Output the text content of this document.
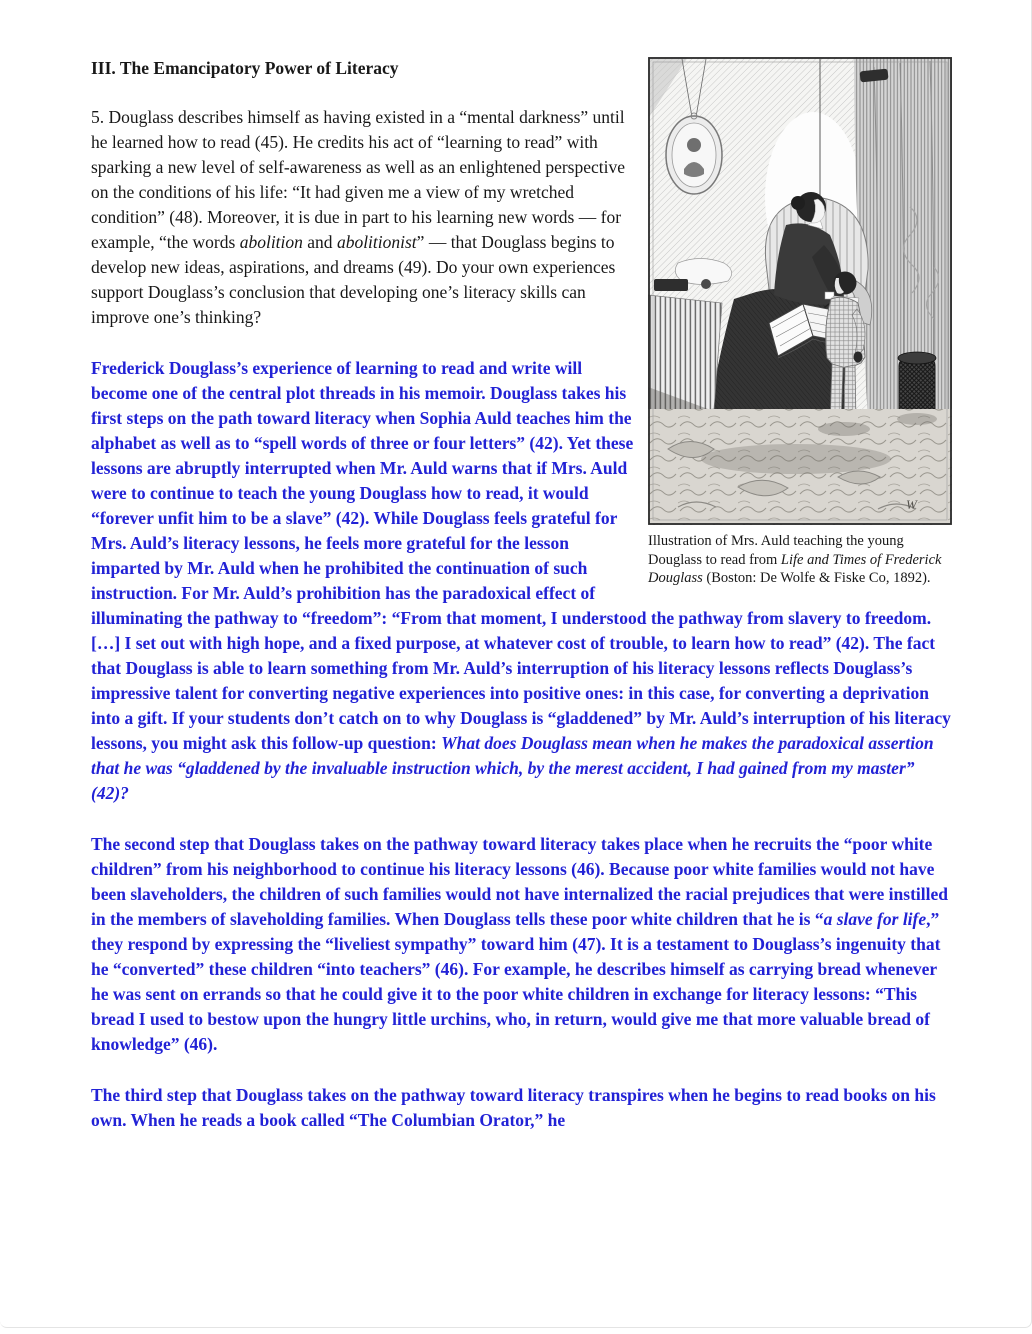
W
Illustration of Mrs. Auld teaching the young Douglass to read from Life and Times of Frederick Douglass (Boston: De Wolfe & Fiske Co, 1892).
III. The Emancipatory Power of Literacy

5. Douglass describes himself as having existed in a “mental darkness” until he learned how to read (45). He credits his act of “learning to read” with sparking a new level of self-awareness as well as an enlightened perspective on the conditions of his life: “It had given me a view of my wretched condition” (48). Moreover, it is due in part to his learning new words — for example, “the words abolition and abolitionist” — that Douglass begins to develop new ideas, aspirations, and dreams (49). Do your own experiences support Douglass’s conclusion that developing one’s literacy skills can improve one’s thinking?

Frederick Douglass’s experience of learning to read and write will become one of the central plot threads in his memoir. Douglass takes his first steps on the path toward literacy when Sophia Auld teaches him the alphabet as well as to “spell words of three or four letters” (42). Yet these lessons are abruptly interrupted when Mr. Auld warns that if Mrs. Auld were to continue to teach the young Douglass how to read, it would “forever unfit him to be a slave” (42). While Douglass feels grateful for Mrs. Auld’s literacy lessons, he feels more grateful for the lesson imparted by Mr. Auld when he prohibited the continuation of such instruction. For Mr. Auld’s prohibition has the paradoxical effect of illuminating the pathway to “freedom”: “From that moment, I understood the pathway from slavery to freedom. […] I set out with high hope, and a fixed purpose, at whatever cost of trouble, to learn how to read” (42). The fact that Douglass is able to learn something from Mr. Auld’s interruption of his literacy lessons reflects Douglass’s impressive talent for converting negative experiences into positive ones: in this case, for converting a deprivation into a gift. If your students don’t catch on to why Douglass is “gladdened” by Mr. Auld’s interruption of his literacy lessons, you might ask this follow-up question: What does Douglass mean when he makes the paradoxical assertion that he was “gladdened by the invaluable instruction which, by the merest accident, I had gained from my master” (42)?

The second step that Douglass takes on the pathway toward literacy takes place when he recruits the “poor white children” from his neighborhood to continue his literacy lessons (46). Because poor white families would not have been slaveholders, the children of such families would not have internalized the racial prejudices that were instilled in the members of slaveholding families. When Douglass tells these poor white children that he is “a slave for life,” they respond by expressing the “liveliest sympathy” toward him (47). It is a testament to Douglass’s ingenuity that he “converted” these children “into teachers” (46). For example, he describes himself as carrying bread whenever he was sent on errands so that he could give it to the poor white children in exchange for literacy lessons: “This bread I used to bestow upon the hungry little urchins, who, in return, would give me that more valuable bread of knowledge” (46).

The third step that Douglass takes on the pathway toward literacy transpires when he begins to read books on his own. When he reads a book called “The Columbian Orator,” he
